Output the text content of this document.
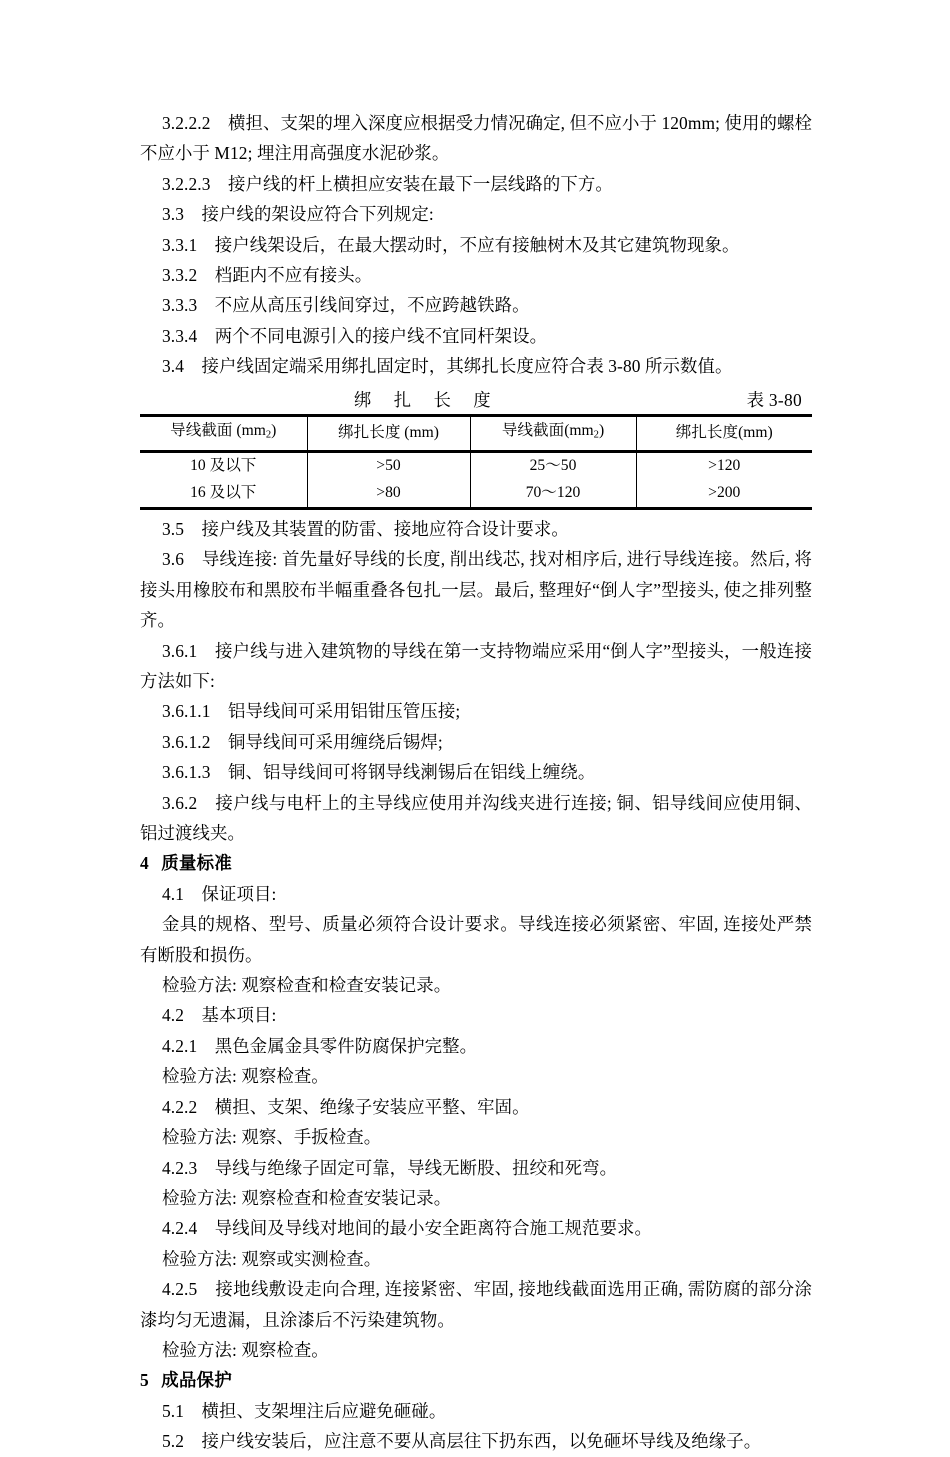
3.2.2.2　横担、支架的埋入深度应根据受力情况确定, 但不应小于 120mm; 使用的螺栓不应小于 M12; 埋注用高强度水泥砂浆。

3.2.2.3　接户线的杆上横担应安装在最下一层线路的下方。

3.3　接户线的架设应符合下列规定:

3.3.1　接户线架设后，在最大摆动时，不应有接触树木及其它建筑物现象。

3.3.2　档距内不应有接头。

3.3.3　不应从高压引线间穿过，不应跨越铁路。

3.3.4　两个不同电源引入的接户线不宜同杆架设。

3.4　接户线固定端采用绑扎固定时，其绑扎长度应符合表 3-80 所示数值。

绑 扎 长 度	表 3-80
导线截面 $(mm_2)$	绑扎长度 (mm)	导线截面$(mm_2)$	绑扎长度(mm)
10 及以下	>50	25～50	>120
16 及以下	>80	70～120	>200

3.5　接户线及其装置的防雷、接地应符合设计要求。

3.6　导线连接: 首先量好导线的长度, 削出线芯, 找对相序后, 进行导线连接。然后, 将接头用橡胶布和黑胶布半幅重叠各包扎一层。最后, 整理好“倒人字”型接头, 使之排列整齐。

3.6.1　接户线与进入建筑物的导线在第一支持物端应采用“倒人字”型接头，一般连接方法如下:

3.6.1.1　铝导线间可采用铝钳压管压接;

3.6.1.2　铜导线间可采用缠绕后锡焊;

3.6.1.3　铜、铝导线间可将钢导线溂锡后在铝线上缠绕。

3.6.2　接户线与电杆上的主导线应使用并沟线夹进行连接; 铜、铝导线间应使用铜、铝过渡线夹。

4 质量标准

4.1　保证项目:

金具的规格、型号、质量必须符合设计要求。导线连接必须紧密、牢固, 连接处严禁有断股和损伤。

检验方法: 观察检查和检查安装记录。

4.2　基本项目:

4.2.1　黑色金属金具零件防腐保护完整。

检验方法: 观察检查。

4.2.2　横担、支架、绝缘子安装应平整、牢固。

检验方法: 观察、手扳检查。

4.2.3　导线与绝缘子固定可靠，导线无断股、扭绞和死弯。

检验方法: 观察检查和检查安装记录。

4.2.4　导线间及导线对地间的最小安全距离符合施工规范要求。

检验方法: 观察或实测检查。

4.2.5　接地线敷设走向合理, 连接紧密、牢固, 接地线截面选用正确, 需防腐的部分涂漆均匀无遗漏，且涂漆后不污染建筑物。

检验方法: 观察检查。

5 成品保护

5.1　横担、支架埋注后应避免砸碰。

5.2　接户线安装后，应注意不要从高层往下扔东西，以免砸坏导线及绝缘子。
